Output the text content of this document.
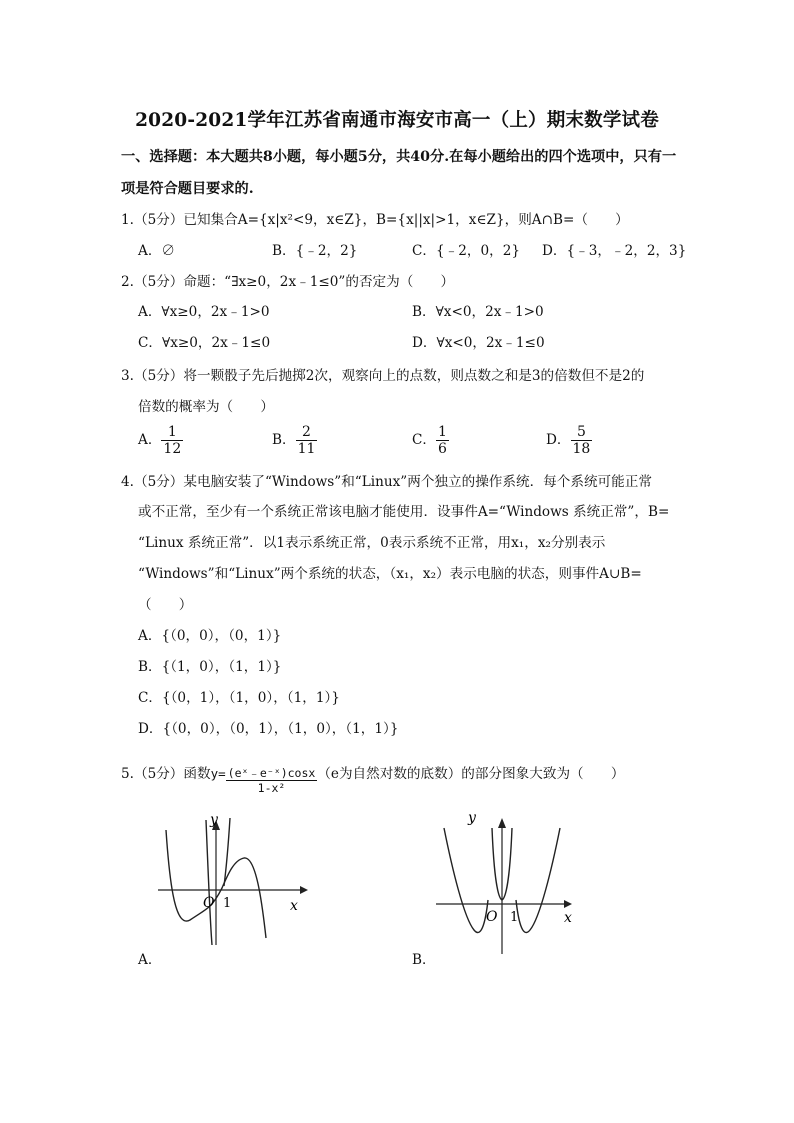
2020-2021学年江苏省南通市海安市高一（上）期末数学试卷
一、选择题：本大题共8小题，每小题5分，共40分.在每小题给出的四个选项中，只有一
项是符合题目要求的.
1.（5分）已知集合A={x|x²<9，x∈Z}，B={x||x|>1，x∈Z}，则A∩B=（　　）
A．∅	B．{﹣2，2}	C．{﹣2，0，2} D．{﹣3，﹣2，2，3}
2.（5分）命题：“∃x≥0，2x﹣1≤0”的否定为（　　）
A．∀x≥0，2x﹣1>0	B．∀x<0，2x﹣1>0
C．∀x≥0，2x﹣1≤0	D．∀x<0，2x﹣1≤0
3.（5分）将一颗骰子先后抛掷2次，观察向上的点数，则点数之和是3的倍数但不是2的
倍数的概率为（　　）
A． $\frac{1}{12}$	B． $\frac{2}{11}$	C． $\frac{1}{6}$	D． $\frac{5}{18}$
4.（5分）某电脑安装了“Windows”和“Linux”两个独立的操作系统．每个系统可能正常
或不正常，至少有一个系统正常该电脑才能使用．设事件A=“Windows 系统正常”，B=
“Linux 系统正常”．以1表示系统正常，0表示系统不正常，用x₁，x₂分别表示
“Windows”和“Linux”两个系统的状态，（x₁，x₂）表示电脑的状态，则事件A∪B=
（　　）
A．{（0，0），（0，1）}
B．{（1，0），（1，1）}
C．{（0，1），（1，0），（1，1）}
D．{（0，0），（0，1），（1，0），（1，1）}
5.（5分）函数$y= \frac{\text{(eˣ﹣e⁻ˣ)cosx}}{\text{1-x²}} (e$为自然对数的底数）的部分图象大致为（　　）
y
x
O 1
A．
y
x
O 1
B．
